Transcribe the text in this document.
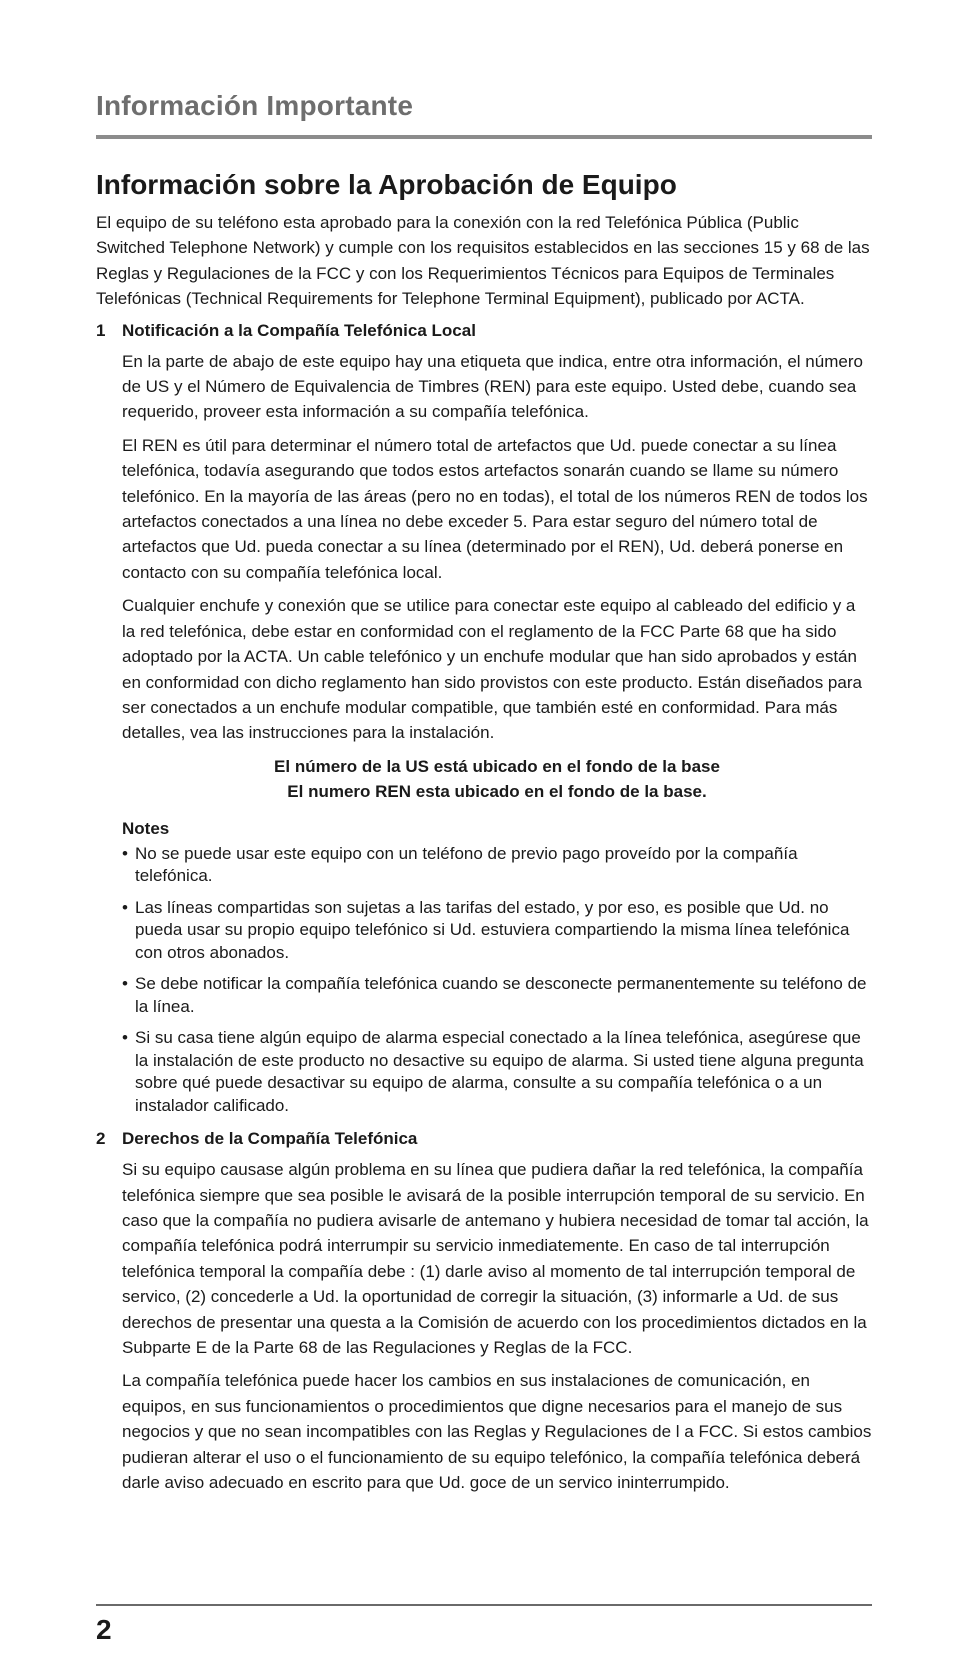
Información Importante
Información sobre la Aprobación de Equipo

El equipo de su teléfono esta aprobado para la conexión con la red Telefónica Pública (Public Switched Telephone Network) y cumple con los requisitos establecidos en las secciones 15 y 68 de las Reglas y Regulaciones de la FCC y con los Requerimientos Técnicos para Equipos de Terminales Telefónicas (Technical Requirements for Telephone Terminal Equipment), publicado por ACTA.

1 Notificación a la Compañía Telefónica Local

En la parte de abajo de este equipo hay una etiqueta que indica, entre otra información, el número de US y el Número de Equivalencia de Timbres (REN) para este equipo. Usted debe, cuando sea requerido, proveer esta información a su compañía telefónica.

El REN es útil para determinar el número total de artefactos que Ud. puede conectar a su línea telefónica, todavía asegurando que todos estos artefactos sonarán cuando se llame su número telefónico. En la mayoría de las áreas (pero no en todas), el total de los números REN de todos los artefactos conectados a una línea no debe exceder 5. Para estar seguro del número total de artefactos que Ud. pueda conectar a su línea (determinado por el REN), Ud. deberá ponerse en contacto con su compañía telefónica local.

Cualquier enchufe y conexión que se utilice para conectar este equipo al cableado del edificio y a la red telefónica, debe estar en conformidad con el reglamento de la FCC Parte 68 que ha sido adoptado por la ACTA. Un cable telefónico y un enchufe modular que han sido aprobados y están en conformidad con dicho reglamento han sido provistos con este producto. Están diseñados para ser conectados a un enchufe modular compatible, que también esté en conformidad. Para más detalles, vea las instrucciones para la instalación.

El número de la US está ubicado en el fondo de la base
El numero REN esta ubicado en el fondo de la base.
Notes
• No se puede usar este equipo con un teléfono de previo pago proveído por la compañía telefónica.
• Las líneas compartidas son sujetas a las tarifas del estado, y por eso, es posible que Ud. no pueda usar su propio equipo telefónico si Ud. estuviera compartiendo la misma línea telefónica con otros abonados.
• Se debe notificar la compañía telefónica cuando se desconecte permanentemente su teléfono de la línea.
• Si su casa tiene algún equipo de alarma especial conectado a la línea telefónica, asegúrese que la instalación de este producto no desactive su equipo de alarma. Si usted tiene alguna pregunta sobre qué puede desactivar su equipo de alarma, consulte a su compañía telefónica o a un instalador calificado.
2 Derechos de la Compañía Telefónica

Si su equipo causase algún problema en su línea que pudiera dañar la red telefónica, la compañía telefónica siempre que sea posible le avisará de la posible interrupción temporal de su servicio. En caso que la compañía no pudiera avisarle de antemano y hubiera necesidad de tomar tal acción, la compañía telefónica podrá interrumpir su servicio inmediatemente. En caso de tal interrupción telefónica temporal la compañía debe : (1) darle aviso al momento de tal interrupción temporal de servico, (2) concederle a Ud. la oportunidad de corregir la situación, (3) informarle a Ud. de sus derechos de presentar una questa a la Comisión de acuerdo con los procedimientos dictados en la Subparte E de la Parte 68 de las Regulaciones y Reglas de la FCC.

La compañía telefónica puede hacer los cambios en sus instalaciones de comunicación, en equipos, en sus funcionamientos o procedimientos que digne necesarios para el manejo de sus negocios y que no sean incompatibles con las Reglas y Regulaciones de l a FCC. Si estos cambios pudieran alterar el uso o el funcionamiento de su equipo telefónico, la compañía telefónica deberá darle aviso adecuado en escrito para que Ud. goce de un servico ininterrumpido.

2
